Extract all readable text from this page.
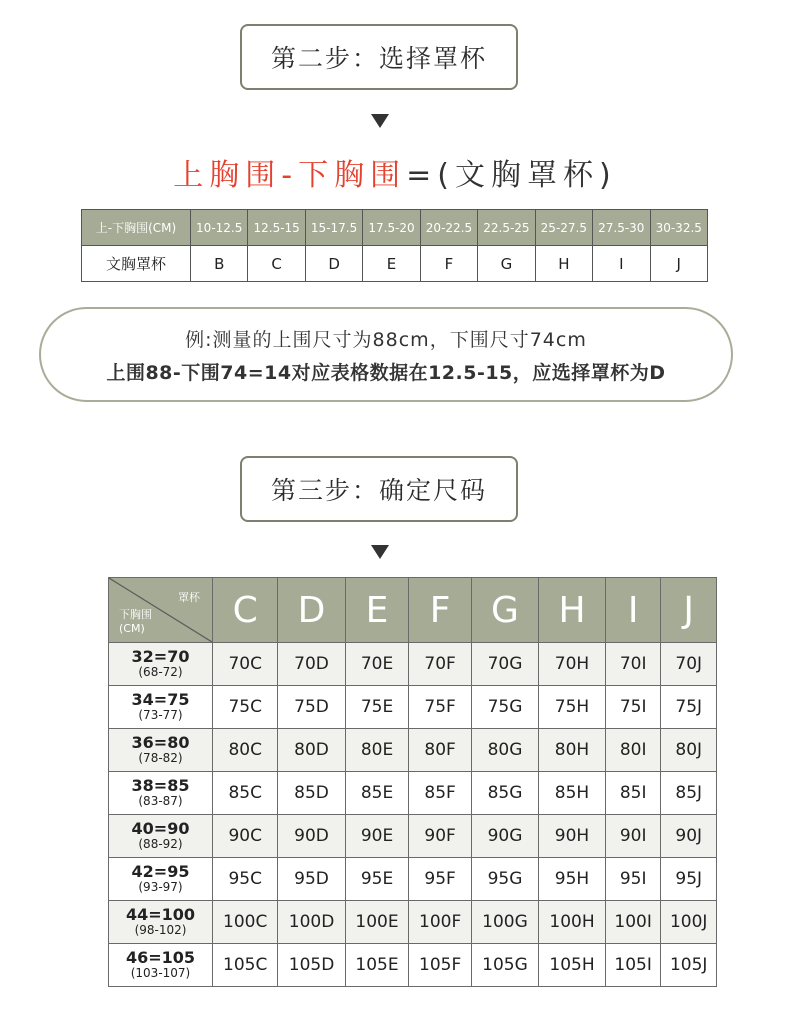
第二步：选择罩杯
上胸围-下胸围=(文胸罩杯)
上-下胸围(CM)	10-12.5	12.5-15	15-17.5	17.5-20	20-22.5	22.5-25	25-27.5	27.5-30	30-32.5
文胸罩杯	B	C	D	E	F	G	H	I	J
例:测量的上围尺寸为88cm，下围尺寸74cm
上围88-下围74=14对应表格数据在12.5-15，应选择罩杯为D
第三步：确定尺码
罩杯
下胸围
(CM)	C	D	E	F	G	H	I	J

32=70
(68-72)	70C	70D	70E	70F	70G	70H	70I	70J

34=75
(73-77)	75C	75D	75E	75F	75G	75H	75I	75J

36=80
(78-82)	80C	80D	80E	80F	80G	80H	80I	80J

38=85
(83-87)	85C	85D	85E	85F	85G	85H	85I	85J

40=90
(88-92)	90C	90D	90E	90F	90G	90H	90I	90J

42=95
(93-97)	95C	95D	95E	95F	95G	95H	95I	95J

44=100
(98-102)	100C	100D	100E	100F	100G	100H	100I	100J

46=105
(103-107)	105C	105D	105E	105F	105G	105H	105I	105J
